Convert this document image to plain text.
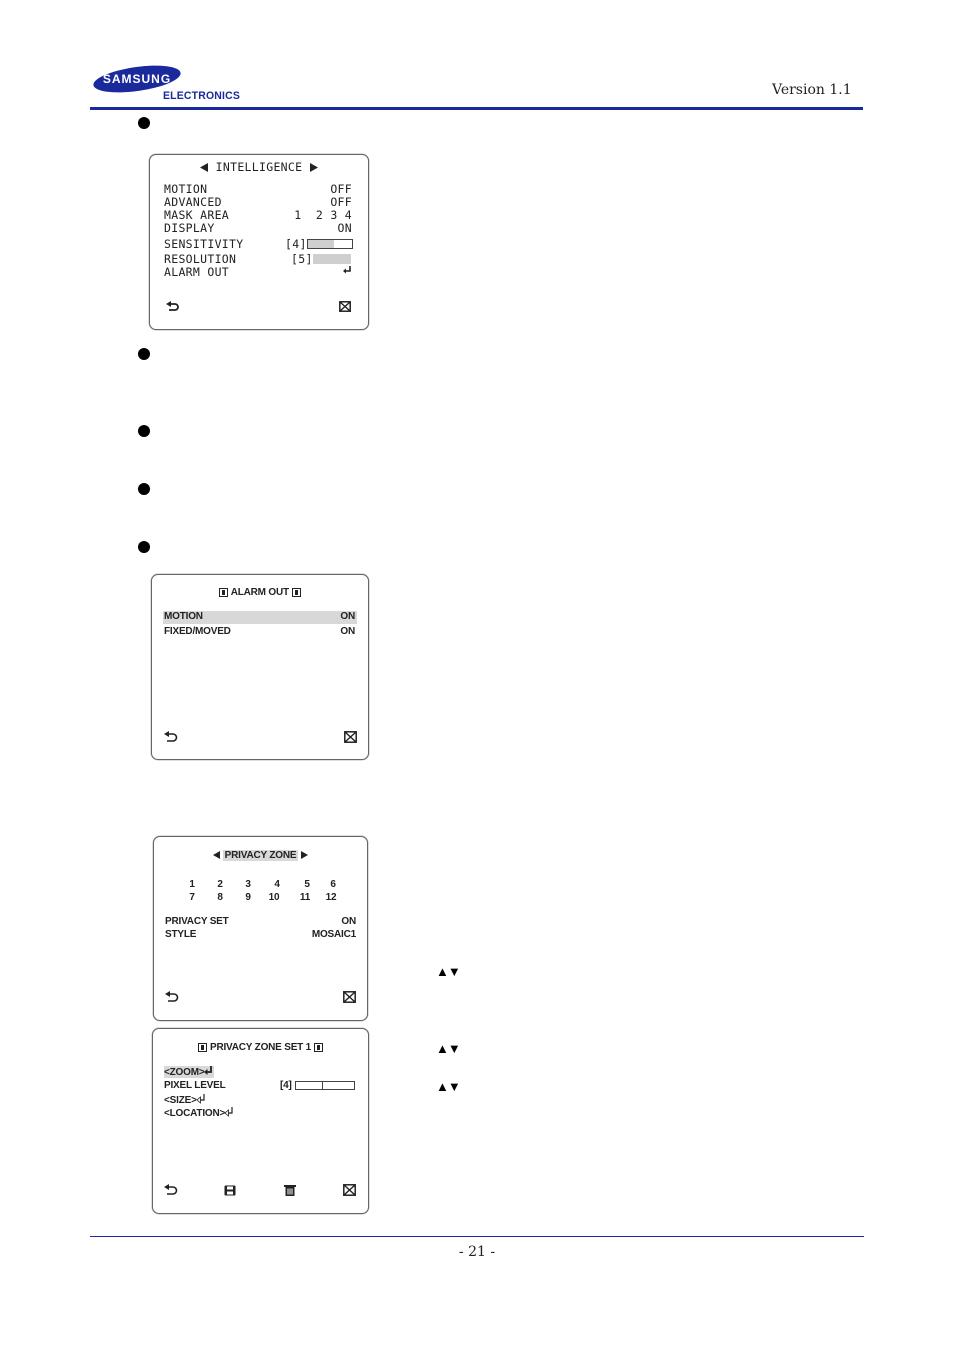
SAMSUNG
ELECTRONICS	Version 1.1
INTELLIGENCE
MOTION	OFF
ADVANCED	OFF
MASK AREA	1  2 3 4
DISPLAY	ON
SENSITIVITY	[4]
RESOLUTION	[5]
ALARM OUT
ALARM OUT
MOTION	ON
FIXED/MOVED	ON
PRIVACY ZONE
1	2	3	4	5	6
7	8	9	10	11	12
PRIVACY SET	ON
STYLE	MOSAIC1
PRIVACY ZONE SET 1
<ZOOM>
PIXEL LEVEL	[4]
<SIZE>
<LOCATION>
▲▼
▲▼
▲▼
- 21 -
